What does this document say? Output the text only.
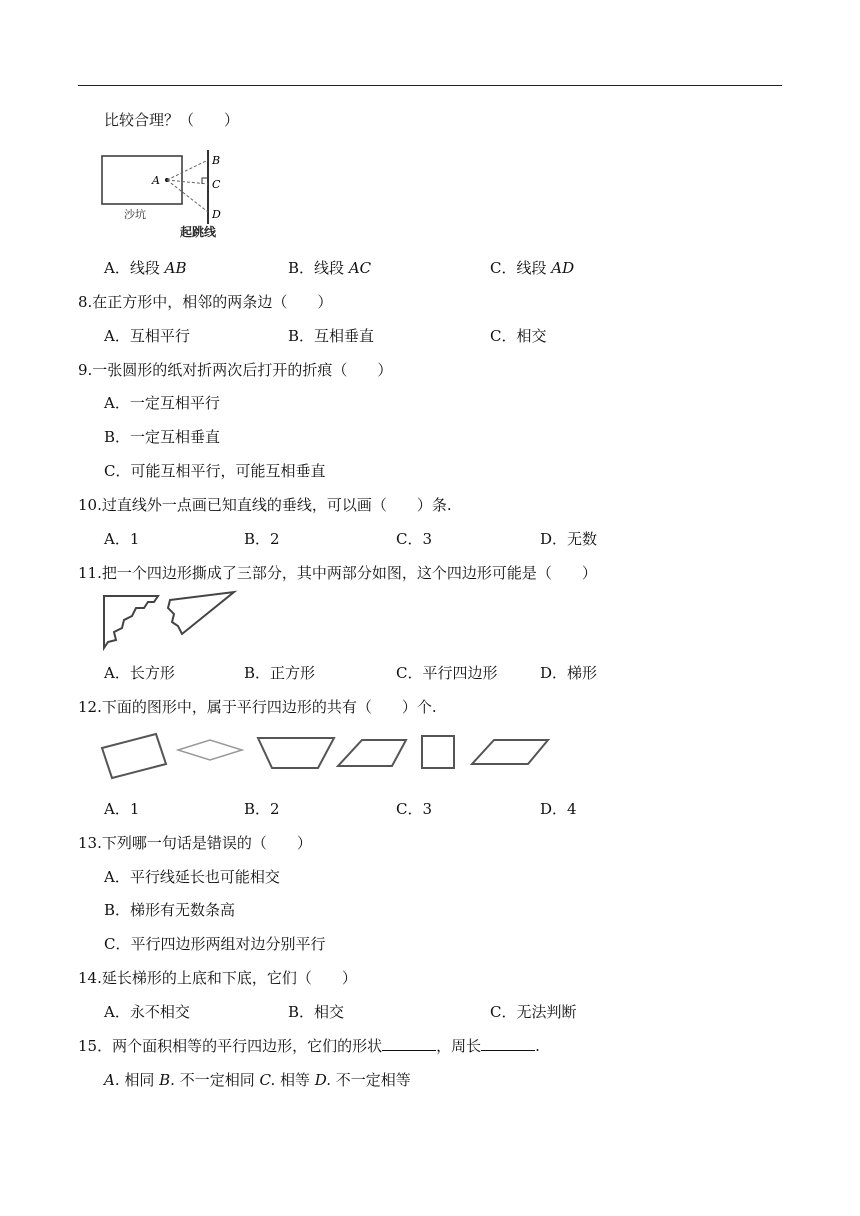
比较合理？（　　）
A
B
C
D
沙坑
起跳线
A．线段 AB	B．线段 AC	C．线段 AD
8.在正方形中，相邻的两条边（　　）
A．互相平行	B．互相垂直	C．相交
9.一张圆形的纸对折两次后打开的折痕（　　）
A．一定互相平行
B．一定互相垂直
C．可能互相平行，可能互相垂直
10.过直线外一点画已知直线的垂线，可以画（　　）条.
A．1	B．2	C．3	D．无数
11.把一个四边形撕成了三部分，其中两部分如图，这个四边形可能是（　　）
A．长方形	B．正方形	C．平行四边形	D．梯形
12.下面的图形中，属于平行四边形的共有（　　）个.
A．1	B．2	C．3	D．4
13.下列哪一句话是错误的（　　）
A．平行线延长也可能相交
B．梯形有无数条高
C．平行四边形两组对边分别平行
14.延长梯形的上底和下底，它们（　　）
A．永不相交	B．相交	C．无法判断
15．两个面积相等的平行四边形，它们的形状	，周长	.
A. 相同 B. 不一定相同 C. 相等 D. 不一定相等
